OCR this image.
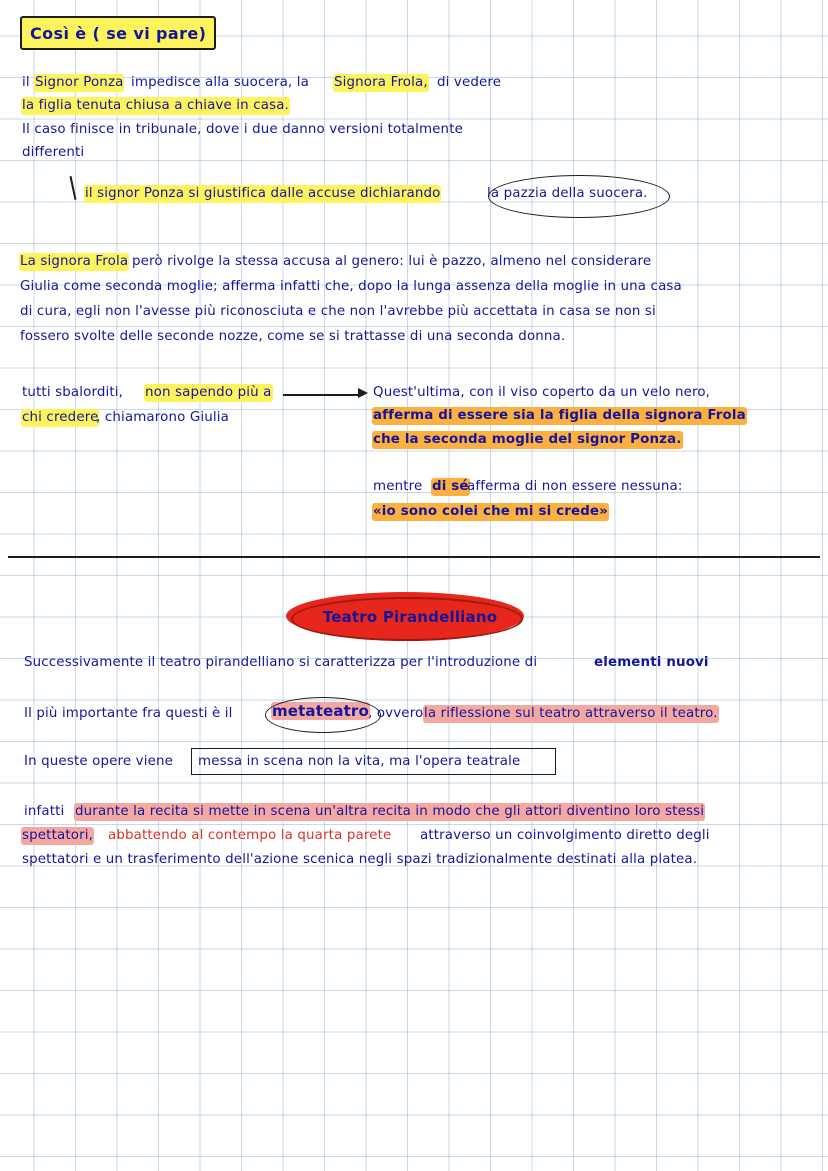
Così è ( se vi pare)
il Signor Ponza impedisce alla suocera, la Signora Frola, di vedere
la figlia tenuta chiusa a chiave in casa.
Il caso finisce in tribunale, dove i due danno versioni totalmente
differenti
il signor Ponza si giustifica dalle accuse dichiarando	la pazzia della suocera.
La signora Frola però rivolge la stessa accusa al genero: lui è pazzo, almeno nel considerare
Giulia come seconda moglie; afferma infatti che, dopo la lunga assenza della moglie in una casa
di cura, egli non l'avesse più riconosciuta e che non l'avrebbe più accettata in casa se non si
fossero svolte delle seconde nozze, come se si trattasse di una seconda donna.
tutti sbalorditi, non sapendo più a
chi credere
, chiamarono Giulia
Quest'ultima, con il viso coperto da un velo nero,
afferma di essere sia la figlia della signora Frola
che la seconda moglie del signor Ponza.
mentre di sé
afferma di non essere nessuna:
«io sono colei che mi si crede»
Teatro Pirandelliano
Successivamente il teatro pirandelliano si caratterizza per l'introduzione di	elementi nuovi
Il più importante fra questi è il	metateatro , ovvero la riflessione sul teatro attraverso il teatro.
In queste opere viene messa in scena non la vita, ma l'opera teatrale
infatti durante la recita si mette in scena un'altra recita in modo che gli attori diventino loro stessi
spettatori, abbattendo al contempo la quarta parete attraverso un coinvolgimento diretto degli
spettatori e un trasferimento dell'azione scenica negli spazi tradizionalmente destinati alla platea.
